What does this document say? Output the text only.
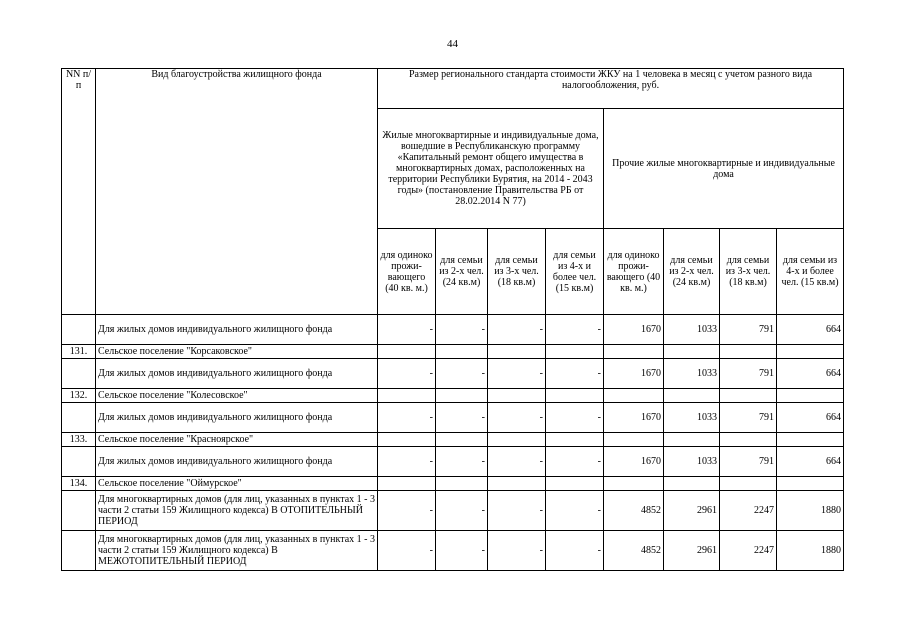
44
NN п/п	Вид благоустройства жилищного фонда	Размер регионального стандарта стоимости ЖКУ на 1 человека в месяц с учетом разного вида налогообложения, руб.							
		Жилые многоквартирные и индивидуальные дома, вошедшие в Республиканскую программу «Капитальный ремонт общего имущества в многоквартирных домах, расположенных на территории Республики Бурятия, на 2014 - 2043 годы» (постановление Правительства РБ от 28.02.2014 N 77)				Прочие жилые многоквартирные и индивидуальные дома			
		для одиноко прожи- вающего (40 кв. м.)	для семьи из 2-х чел. (24 кв.м)	для семьи из 3-х чел. (18 кв.м)	для семьи из 4-х и более чел. (15 кв.м)	для одиноко прожи- вающего (40 кв. м.)	для семьи из 2-х чел. (24 кв.м)	для семьи из 3-х чел. (18 кв.м)	для семьи из 4-х и более чел. (15 кв.м)
	Для жилых домов индивидуального жилищного фонда	-	-	-	-	1670	1033	791	664
131.	Сельское поселение "Корсаковское"								
	Для жилых домов индивидуального жилищного фонда	-	-	-	-	1670	1033	791	664
132.	Сельское поселение "Колесовское"								
	Для жилых домов индивидуального жилищного фонда	-	-	-	-	1670	1033	791	664
133.	Сельское поселение "Красноярское"								
	Для жилых домов индивидуального жилищного фонда	-	-	-	-	1670	1033	791	664
134.	Сельское поселение "Оймурское"								
	Для многоквартирных домов (для лиц, указанных в пунктах 1 - 3 части 2 статьи 159 Жилищного кодекса) В ОТОПИТЕЛЬНЫЙ ПЕРИОД	-	-	-	-	4852	2961	2247	1880
	Для многоквартирных домов (для лиц, указанных в пунктах 1 - 3 части 2 статьи 159 Жилищного кодекса) В МЕЖОТОПИТЕЛЬНЫЙ ПЕРИОД	-	-	-	-	4852	2961	2247	1880
